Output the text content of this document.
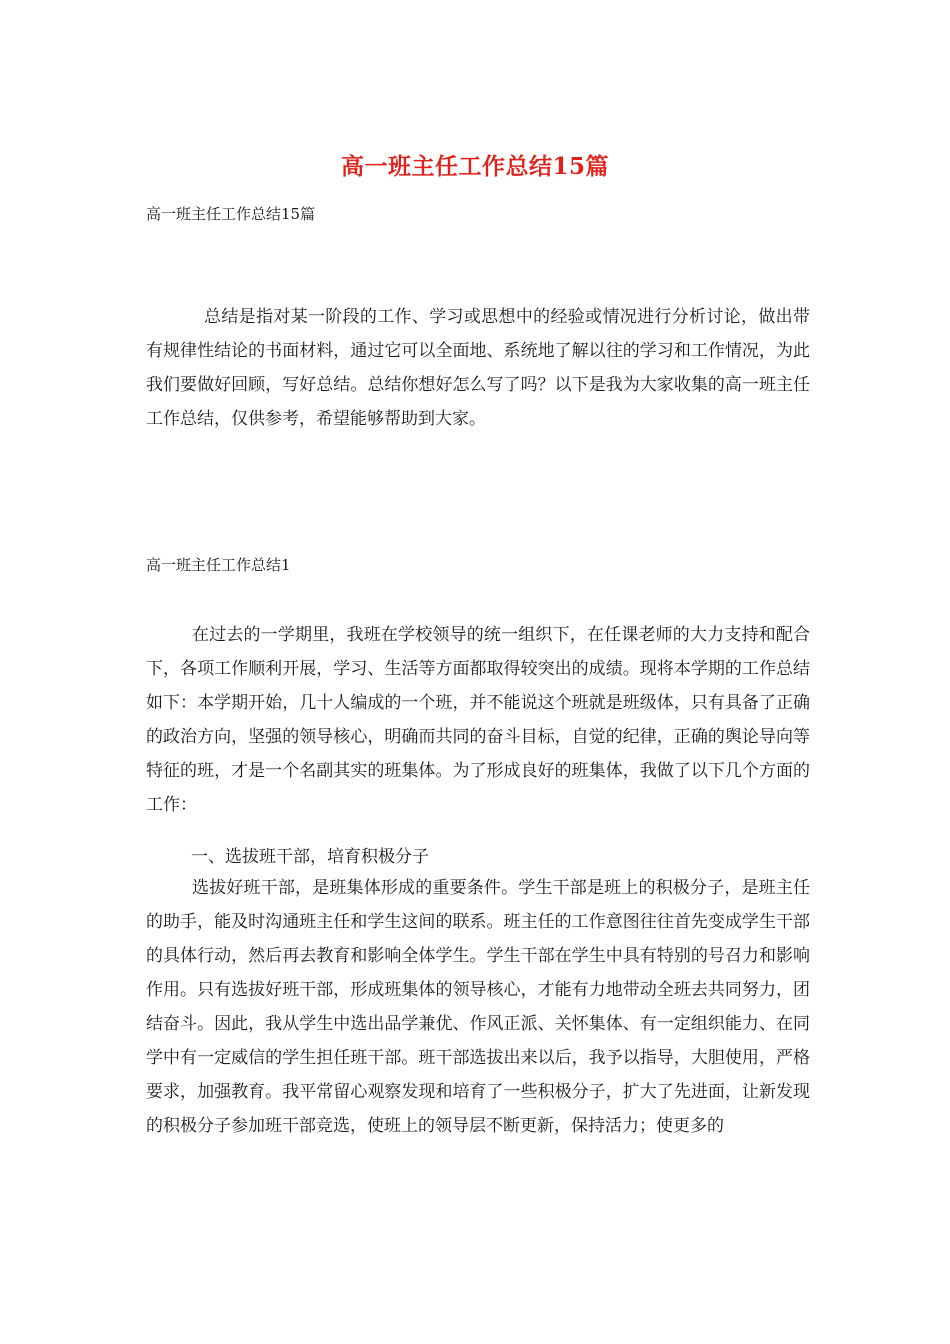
高一班主任工作总结15篇
高一班主任工作总结15篇
总结是指对某一阶段的工作、学习或思想中的经验或情况进行分析讨论，做出带有规律性结论的书面材料，通过它可以全面地、系统地了解以往的学习和工作情况，为此我们要做好回顾，写好总结。总结你想好怎么写了吗？以下是我为大家收集的高一班主任工作总结，仅供参考，希望能够帮助到大家。
高一班主任工作总结1
在过去的一学期里，我班在学校领导的统一组织下，在任课老师的大力支持和配合下，各项工作顺利开展，学习、生活等方面都取得较突出的成绩。现将本学期的工作总结如下：本学期开始，几十人编成的一个班，并不能说这个班就是班级体，只有具备了正确的政治方向，坚强的领导核心，明确而共同的奋斗目标，自觉的纪律，正确的舆论导向等特征的班，才是一个名副其实的班集体。为了形成良好的班集体，我做了以下几个方面的工作：
一、选拔班干部，培育积极分子
选拔好班干部，是班集体形成的重要条件。学生干部是班上的积极分子，是班主任的助手，能及时沟通班主任和学生这间的联系。班主任的工作意图往往首先变成学生干部的具体行动，然后再去教育和影响全体学生。学生干部在学生中具有特别的号召力和影响作用。只有选拔好班干部，形成班集体的领导核心，才能有力地带动全班去共同努力，团结奋斗。因此，我从学生中选出品学兼优、作风正派、关怀集体、有一定组织能力、在同学中有一定威信的学生担任班干部。班干部选拔出来以后，我予以指导，大胆使用，严格要求，加强教育。我平常留心观察发现和培育了一些积极分子，扩大了先进面，让新发现的积极分子参加班干部竞选，使班上的领导层不断更新，保持活力；使更多的
